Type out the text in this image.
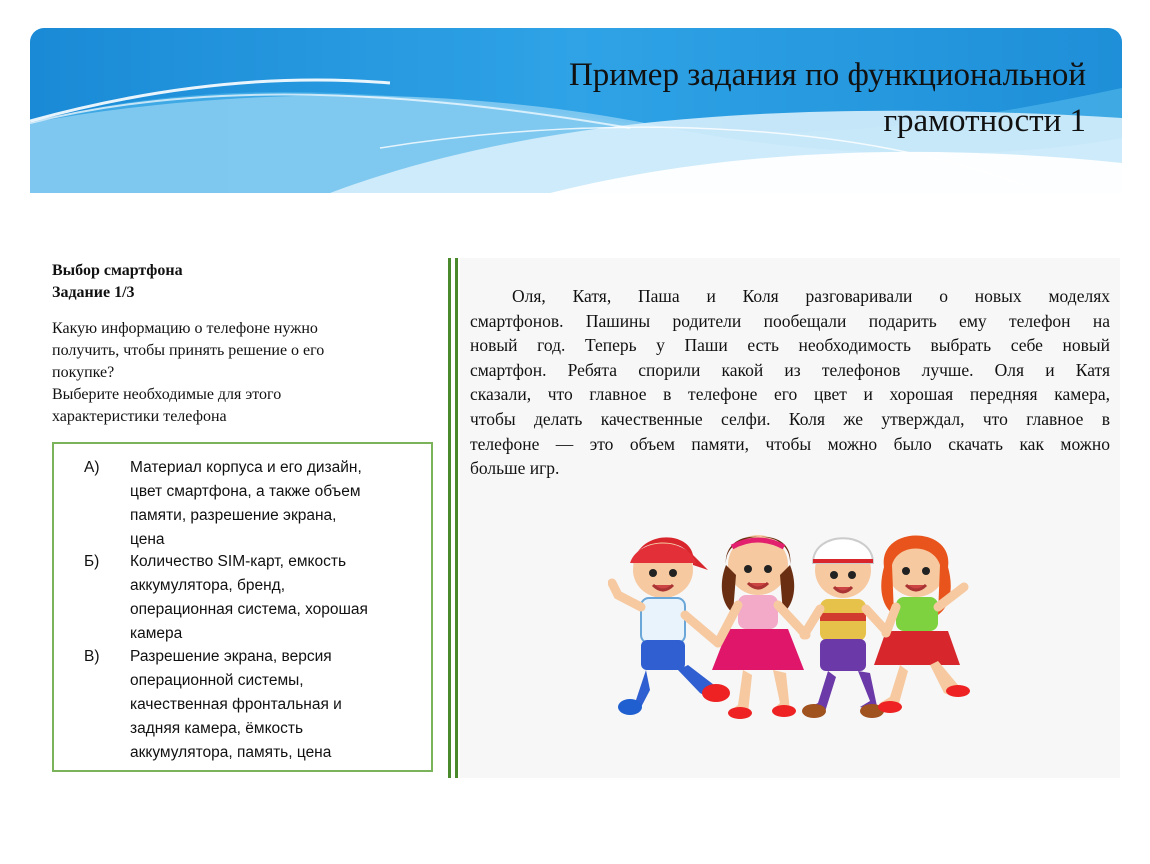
Пример задания по функциональной
грамотности 1
Выбор смартфона
Задание 1/3
Какую информацию о телефоне нужно
получить, чтобы принять решение о его
покупке?
Выберите необходимые для этого
характеристики телефона
А) Материал корпуса и его дизайн,
цвет смартфона, а также объем
памяти, разрешение экрана,
цена
Б) Количество SIM-карт, емкость
аккумулятора, бренд,
операционная система, хорошая
камера
В) Разрешение экрана, версия
операционной системы,
качественная фронтальная и
задняя камера, ёмкость
аккумулятора, память, цена
Оля, Катя, Паша и Коля разговаривали о новых моделях
смартфонов. Пашины родители пообещали подарить ему телефон на
новый год. Теперь у Паши есть необходимость выбрать себе новый
смартфон. Ребята спорили какой из телефонов лучше. Оля и Катя
сказали, что главное в телефоне его цвет и хорошая передняя камера,
чтобы делать качественные селфи. Коля же утверждал, что главное в
телефоне — это объем памяти, чтобы можно было скачать как можно
больше игр.
